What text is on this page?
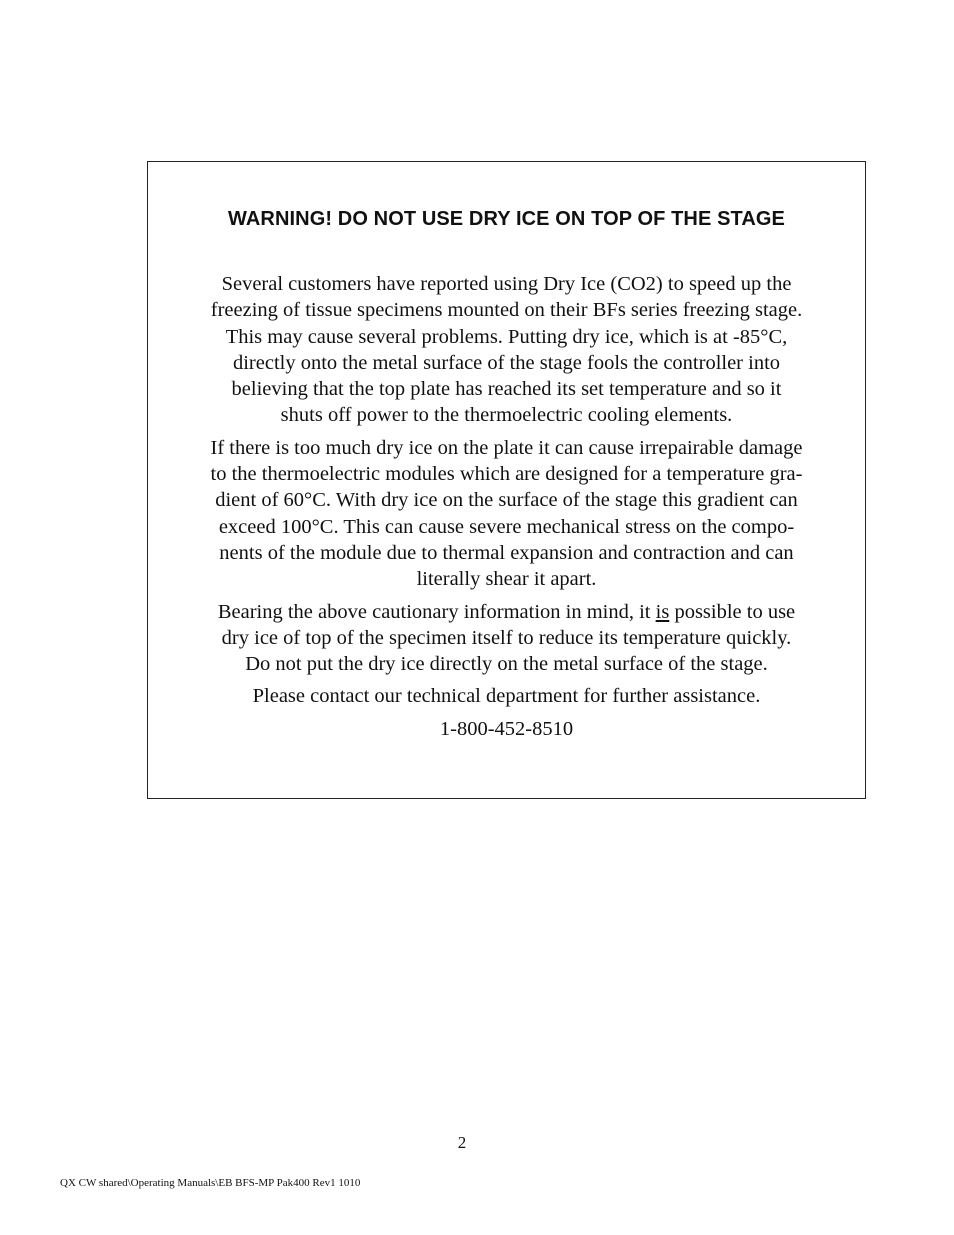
WARNING! DO NOT USE DRY ICE ON TOP OF THE STAGE

Several customers have reported using Dry Ice (CO2) to speed up the
freezing of tissue specimens mounted on their BFs series freezing stage.
This may cause several problems. Putting dry ice, which is at -85°C,
directly onto the metal surface of the stage fools the controller into
believing that the top plate has reached its set temperature and so it
shuts off power to the thermoelectric cooling elements.

If there is too much dry ice on the plate it can cause irrepairable damage
to the thermoelectric modules which are designed for a temperature gra-
dient of 60°C. With dry ice on the surface of the stage this gradient can
exceed 100°C. This can cause severe mechanical stress on the compo-
nents of the module due to thermal expansion and contraction and can
literally shear it apart.

Bearing the above cautionary information in mind, it is possible to use
dry ice of top of the specimen itself to reduce its temperature quickly.
Do not put the dry ice directly on the metal surface of the stage.

Please contact our technical department for further assistance.

1-800-452-8510

2
QX CW shared\Operating Manuals\EB BFS-MP Pak400 Rev1 1010
